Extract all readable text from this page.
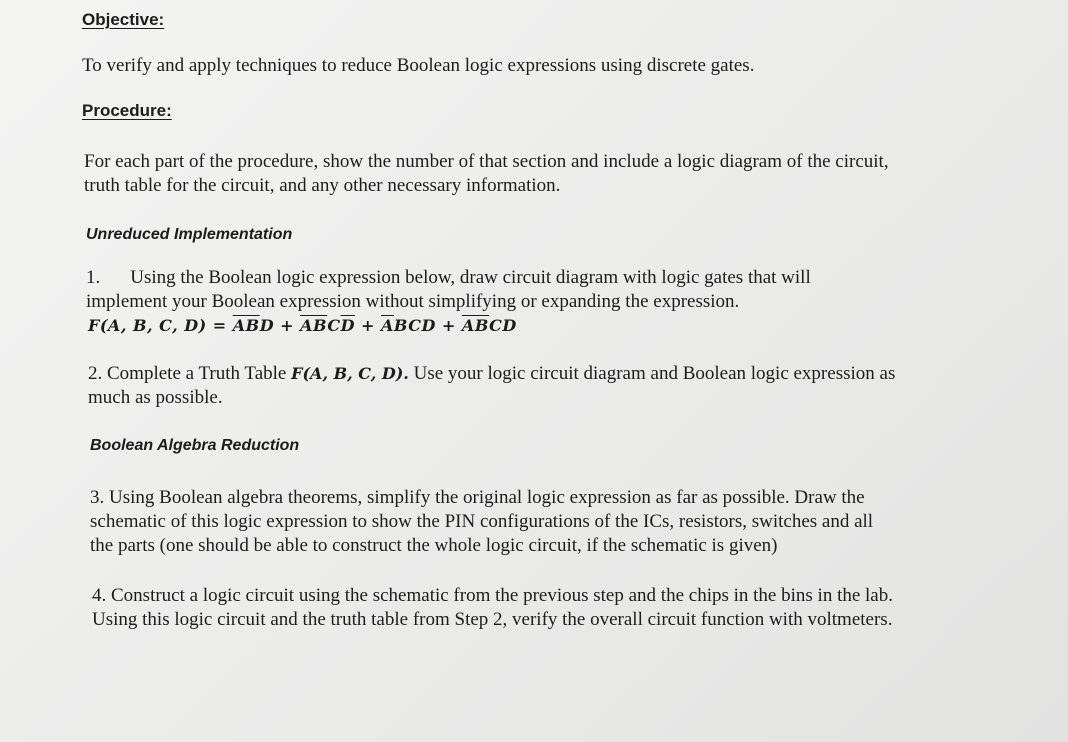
Objective:
To verify and apply techniques to reduce Boolean logic expressions using discrete gates.
Procedure:
For each part of the procedure, show the number of that section and include a logic diagram of the circuit,
truth table for the circuit, and any other necessary information.
Unreduced Implementation
1. Using the Boolean logic expression below, draw circuit diagram with logic gates that will
implement your Boolean expression without simplifying or expanding the expression.
F(A, B, C, $D) = \overline{A}\overline{B}D + \overline{AB}C\overline{D} + \overline{A}BCD + \overline{AB}CD$
2. Complete a Truth Table F(A, B, C, D). Use your logic circuit diagram and Boolean logic expression as
much as possible.
Boolean Algebra Reduction
3. Using Boolean algebra theorems, simplify the original logic expression as far as possible. Draw the
schematic of this logic expression to show the PIN configurations of the ICs, resistors, switches and all
the parts (one should be able to construct the whole logic circuit, if the schematic is given)
4. Construct a logic circuit using the schematic from the previous step and the chips in the bins in the lab.
Using this logic circuit and the truth table from Step 2, verify the overall circuit function with voltmeters.
